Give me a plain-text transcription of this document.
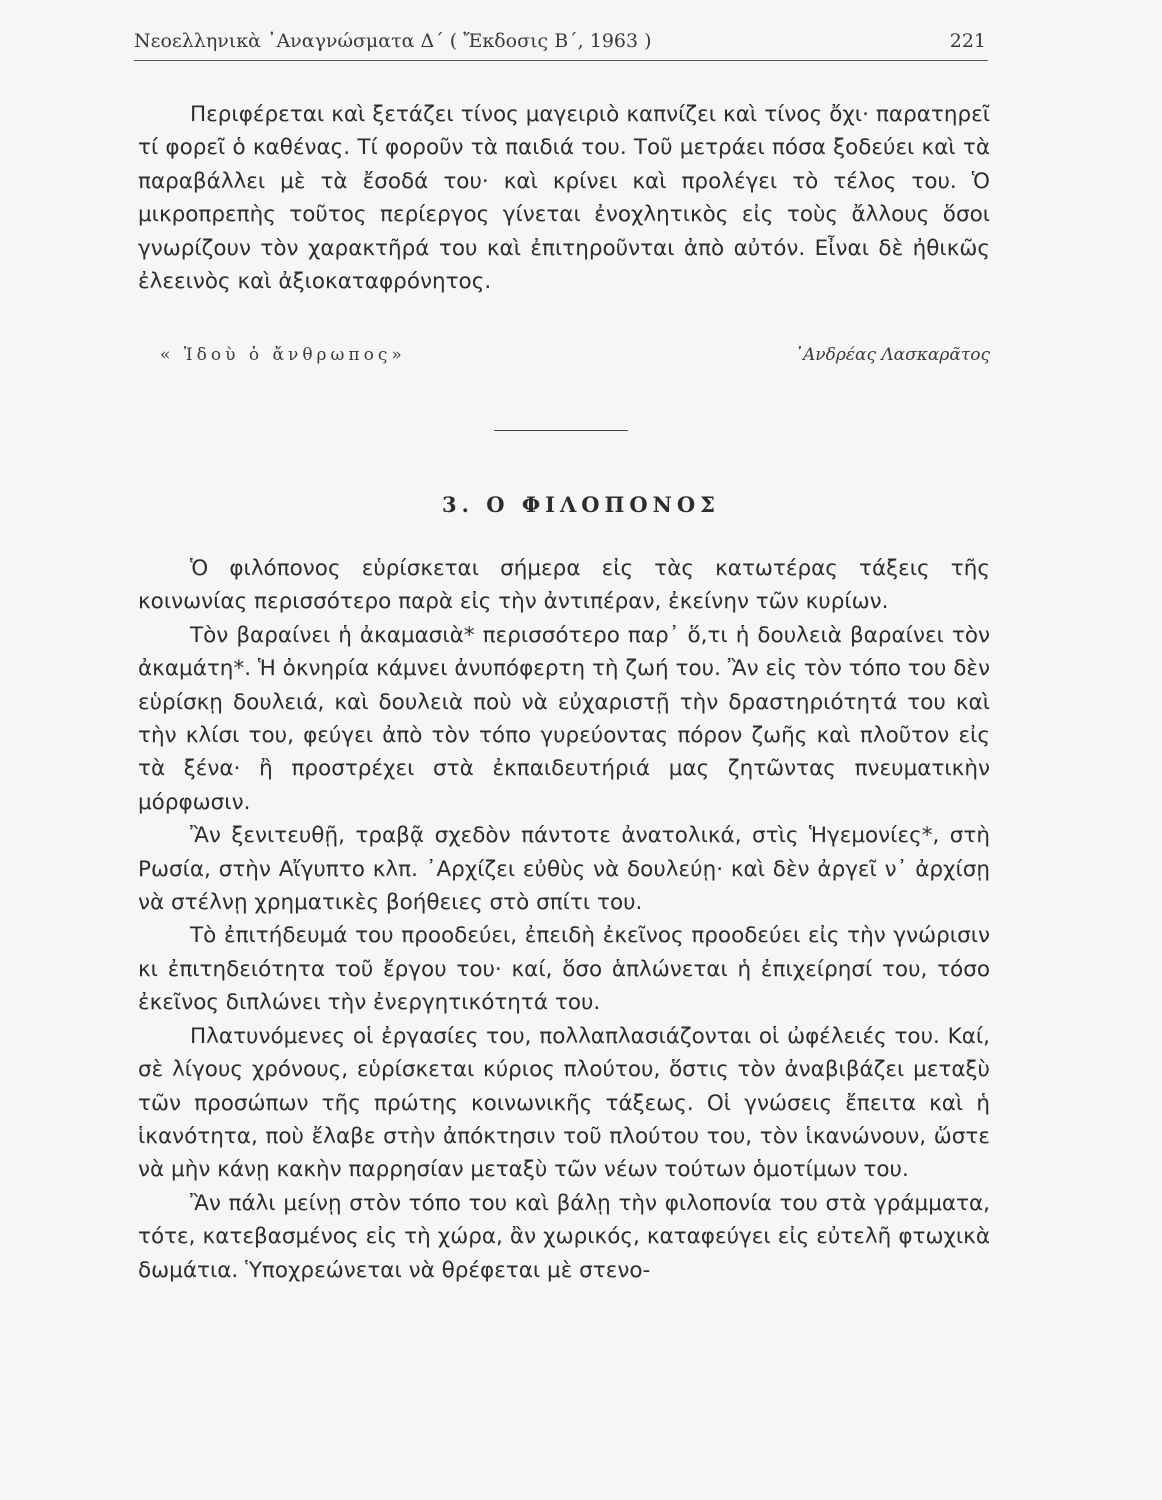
Νεοελληνικὰ ᾿Αναγνώσματα Δ΄ ( Ἔκδοσις Β΄, 1963 )	221

Περιφέρεται καὶ ξετάζει τίνος μαγειριὸ καπνίζει καὶ τίνος ὄχι· παρατηρεῖ τί φορεῖ ὁ καθένας. Τί φοροῦν τὰ παιδιά του. Τοῦ μετράει πόσα ξοδεύει καὶ τὰ παραβάλλει μὲ τὰ ἔσοδά του· καὶ κρίνει καὶ προλέγει τὸ τέλος του. Ὁ μικροπρεπὴς τοῦτος περίεργος γίνεται ἐνοχλητικὸς εἰς τοὺς ἄλλους ὅσοι γνωρίζουν τὸν χαρακτῆρά του καὶ ἐπιτηροῦνται ἀπὸ αὐτόν. Εἶναι δὲ ἠθικῶς ἐλεεινὸς καὶ ἀξιοκαταφρόνητος.

« Ἰδοὺ ὁ ἄνθρωπος»	᾿Ανδρέας Λασκαρᾶτος
3. Ο ΦΙΛΟΠΟΝΟΣ

Ὁ φιλόπονος εὑρίσκεται σήμερα εἰς τὰς κατωτέρας τάξεις τῆς κοινωνίας περισσότερο παρὰ εἰς τὴν ἀντιπέραν, ἐκείνην τῶν κυρίων.

Τὸν βαραίνει ἡ ἀκαμασιὰ* περισσότερο παρ᾿ ὅ,τι ἡ δουλειὰ βαραίνει τὸν ἀκαμάτη*. Ἡ ὀκνηρία κάμνει ἀνυπόφερτη τὴ ζωή του. Ἂν εἰς τὸν τόπο του δὲν εὑρίσκῃ δουλειά, καὶ δουλειὰ ποὺ νὰ εὐχαριστῇ τὴν δραστηριότητά του καὶ τὴν κλίσι του, φεύγει ἀπὸ τὸν τόπο γυρεύοντας πόρον ζωῆς καὶ πλοῦτον εἰς τὰ ξένα· ἢ προστρέχει στὰ ἐκπαιδευτήριά μας ζητῶντας πνευματικὴν μόρφωσιν.

Ἂν ξενιτευθῇ, τραβᾷ σχεδὸν πάντοτε ἀνατολικά, στὶς Ἡγεμονίες*, στὴ Ρωσία, στὴν Αἴγυπτο κλπ. ᾿Αρχίζει εὐθὺς νὰ δουλεύῃ· καὶ δὲν ἀργεῖ ν᾿ ἀρχίσῃ νὰ στέλνῃ χρηματικὲς βοήθειες στὸ σπίτι του.

Τὸ ἐπιτήδευμά του προοδεύει, ἐπειδὴ ἐκεῖνος προοδεύει εἰς τὴν γνώρισιν κι ἐπιτηδειότητα τοῦ ἔργου του· καί, ὅσο ἁπλώνεται ἡ ἐπιχείρησί του, τόσο ἐκεῖνος διπλώνει τὴν ἐνεργητικότητά του.

Πλατυνόμενες οἱ ἐργασίες του, πολλαπλασιάζονται οἱ ὠφέλειές του. Καί, σὲ λίγους χρόνους, εὑρίσκεται κύριος πλούτου, ὅστις τὸν ἀναβιβάζει μεταξὺ τῶν προσώπων τῆς πρώτης κοινωνικῆς τάξεως. Οἱ γνώσεις ἔπειτα καὶ ἡ ἱκανότητα, ποὺ ἔλαβε στὴν ἀπόκτησιν τοῦ πλούτου του, τὸν ἱκανώνουν, ὥστε νὰ μὴν κάνῃ κακὴν παρρησίαν μεταξὺ τῶν νέων τούτων ὁμοτίμων του.

Ἂν πάλι μείνῃ στὸν τόπο του καὶ βάλῃ τὴν φιλοπονία του στὰ γράμματα, τότε, κατεβασμένος εἰς τὴ χώρα, ἂν χωρικός, καταφεύγει εἰς εὐτελῆ φτωχικὰ δωμάτια. Ὑποχρεώνεται νὰ θρέφεται μὲ στενο-
